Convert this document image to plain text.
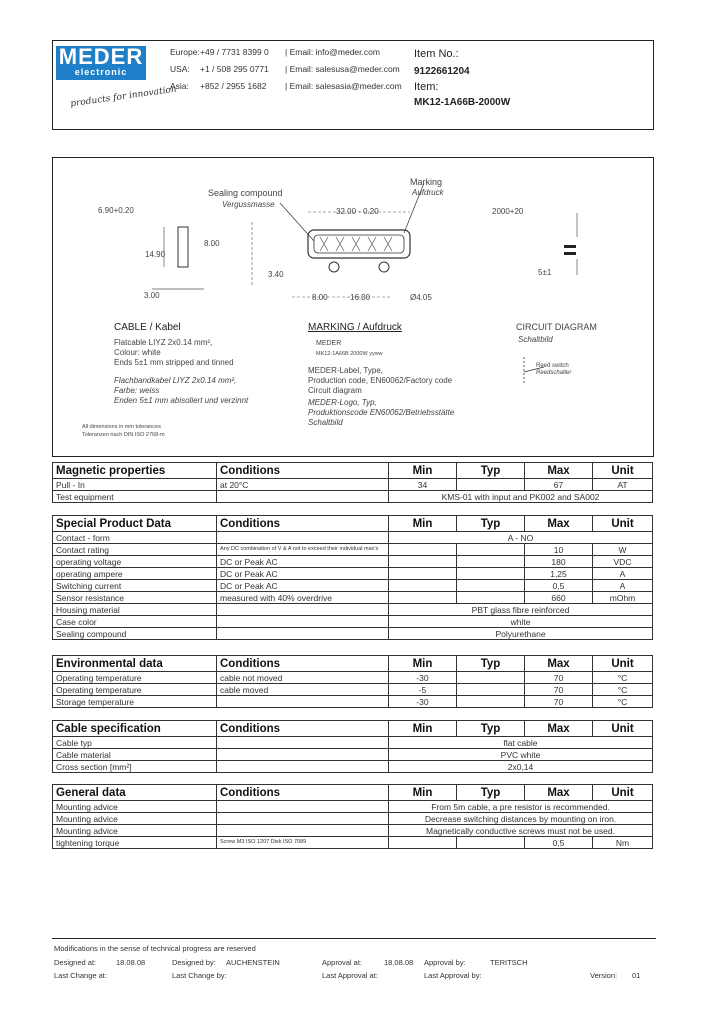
MEDER
electronic
products for innovation
Europe: +49 / 7731 8399 0 | Email: info@meder.com
USA: +1 / 508 295 0771 | Email: salesusa@meder.com
Asia: +852 / 2955 1682 | Email: salesasia@meder.com
Item No.:
9122661204
Item:
MK12-1A66B-2000W
Sealing compound
Vergussmasse
Marking
Aufdruck
6.90+0.20	32.00 - 0.20	2000+20
14.90
8.00
3.40
3.00	8.00	16.00	Ø4.05
5±1
CABLE / Kabel
Flatcable LIYZ 2x0.14 mm²,
Colour: white
Ends 5±1 mm stripped and tinned
Flachbandkabel LIYZ 2x0.14 mm²,
Farbe: weiss
Enden 5±1 mm abisoliert und verzinnt
MARKING / Aufdruck
MEDER
MK12-1A66B 2000W yyww
MEDER-Label, Type,
Production code, EN60062/Factory code
Circuit diagram
MEDER-Logo, Typ,
Produktionscode EN60062/Betriebsstätte
Schaltbild
CIRCUIT DIAGRAM
Schaltbild
Reed switch
Reedschalter
All dimensions in mm tolerances
Toleranzen nach DIN ISO 2768-m
Magnetic properties	Conditions	Min	Typ	Max	Unit
Pull - In	at 20°C	34		67	AT
Test equipment		KMS-01 with input and PK002 and SA002			
Special Product Data	Conditions	Min	Typ	Max	Unit
Contact - form		A - NO			
Contact rating	Any DC combination of V & A not to exceed their individual max's			10	W
operating voltage	DC or Peak AC			180	VDC
operating ampere	DC or Peak AC			1,25	A
Switching current	DC or Peak AC			0,5	A
Sensor resistance	measured with 40% overdrive			660	mOhm
Housing material		PBT glass fibre reinforced			
Case color		white			
Sealing compound		Polyurethane			
Environmental data	Conditions	Min	Typ	Max	Unit
Operating temperature	cable not moved	-30		70	°C
Operating temperature	cable moved	-5		70	°C
Storage temperature		-30		70	°C
Cable specification	Conditions	Min	Typ	Max	Unit
Cable typ		flat cable			
Cable material		PVC white			
Cross section [mm²]		2x0,14			
General data	Conditions	Min	Typ	Max	Unit
Mounting advice		From 5m cable, a pre resistor is recommended.			
Mounting advice		Decrease switching distances by mounting on iron.			
Mounting advice		Magnetically conductive screws must not be used.			
tightening torque	Screw M3 ISO 1207 Disk ISO 7089			0,5	Nm
Modifications in the sense of technical progress are reserved
Designed at:	18.08.08	Designed by: AUCHENSTEIN	Approval at:	18.08.08 Approval by:	TERITSCH
Last Change at:	Last Change by:	Last Approval at:	Last Approval by:	Version: 01
